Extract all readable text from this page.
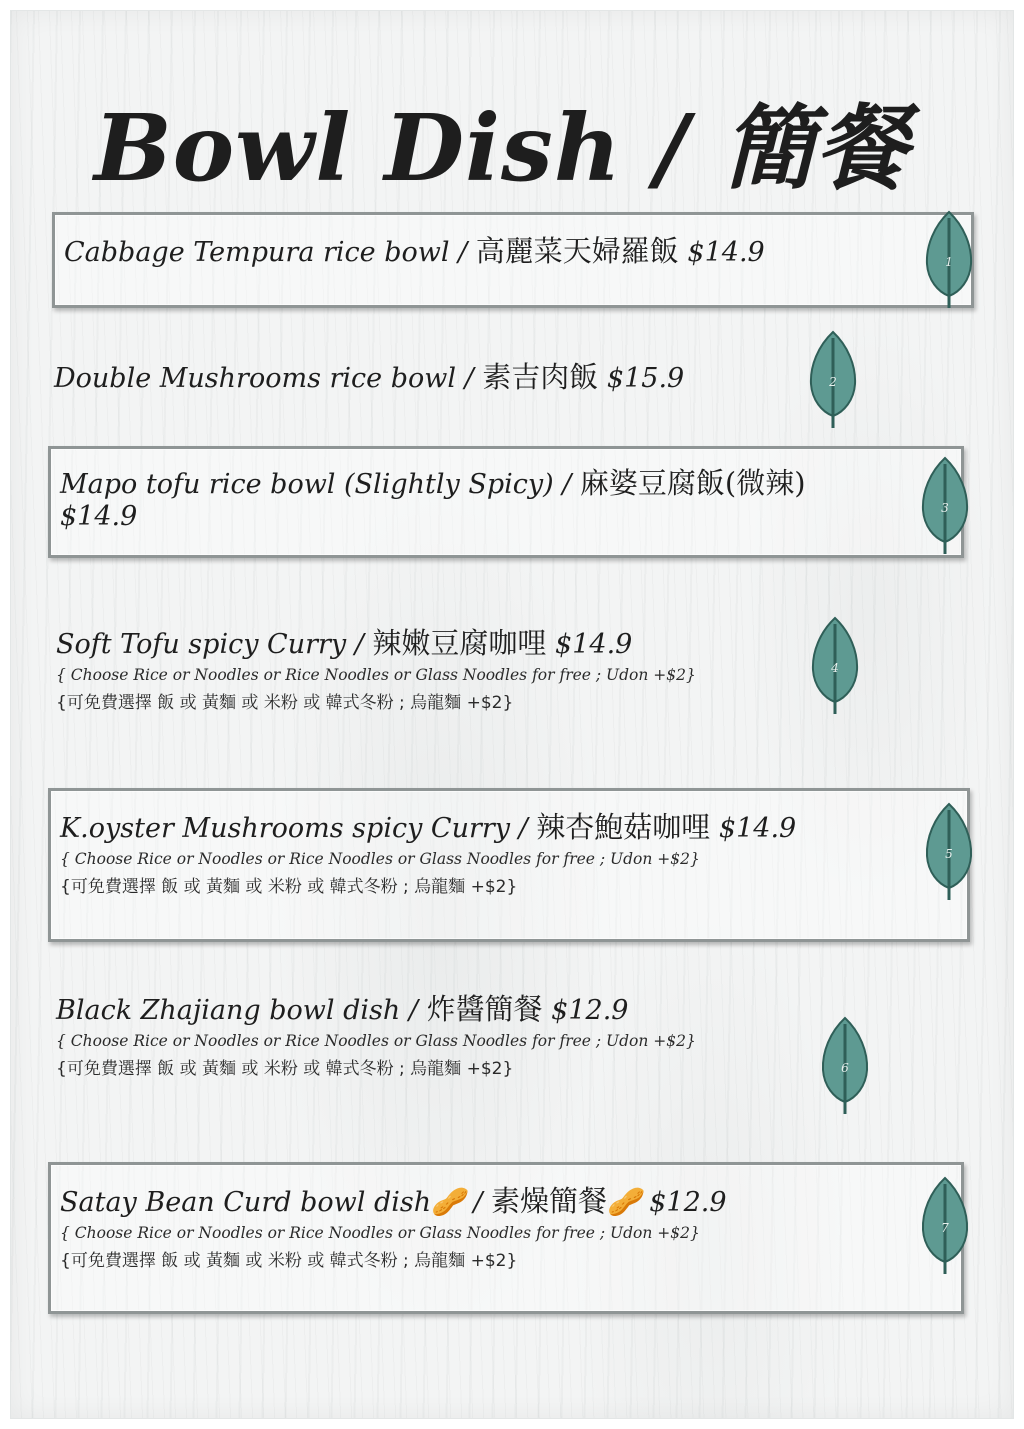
Bowl Dish / 簡餐
Cabbage Tempura rice bowl / 高麗菜天婦羅飯 $14.9	1
Double Mushrooms rice bowl / 素吉肉飯 $15.9	2
Mapo tofu rice bowl (Slightly Spicy) / 麻婆豆腐飯(微辣)
$14.9	3
Soft Tofu spicy Curry / 辣嫩豆腐咖哩 $14.9
{ Choose Rice or Noodles or Rice Noodles or Glass Noodles for free ; Udon +$2}
{可免費選擇 飯 或 黃麵 或 米粉 或 韓式冬粉 ; 烏龍麵 +$2}
4
K.oyster Mushrooms spicy Curry / 辣杏鮑菇咖哩 $14.9
{ Choose Rice or Noodles or Rice Noodles or Glass Noodles for free ; Udon +$2}
{可免費選擇 飯 或 黃麵 或 米粉 或 韓式冬粉 ; 烏龍麵 +$2}
5
Black Zhajiang bowl dish / 炸醬簡餐 $12.9
{ Choose Rice or Noodles or Rice Noodles or Glass Noodles for free ; Udon +$2}
{可免費選擇 飯 或 黃麵 或 米粉 或 韓式冬粉 ; 烏龍麵 +$2}	6
Satay Bean Curd bowl dish🥜 / 素燥簡餐🥜 $12.9
{ Choose Rice or Noodles or Rice Noodles or Glass Noodles for free ; Udon +$2}
{可免費選擇 飯 或 黃麵 或 米粉 或 韓式冬粉 ; 烏龍麵 +$2}
7
